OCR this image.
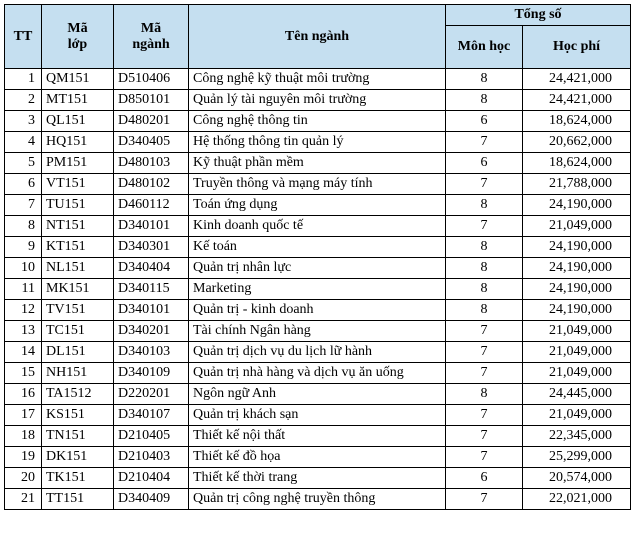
TT	Mã lớp	Mã ngành	Tên ngành	Tổng số	
				Môn học	Học phí
1	QM151	D510406	Công nghệ kỹ thuật môi trường	8	24,421,000
2	MT151	D850101	Quản lý tài nguyên môi trường	8	24,421,000
3	QL151	D480201	Công nghệ thông tin	6	18,624,000
4	HQ151	D340405	Hệ thống thông tin quản lý	7	20,662,000
5	PM151	D480103	Kỹ thuật phần mềm	6	18,624,000
6	VT151	D480102	Truyền thông và mạng máy tính	7	21,788,000
7	TU151	D460112	Toán ứng dụng	8	24,190,000
8	NT151	D340101	Kinh doanh quốc tế	7	21,049,000
9	KT151	D340301	Kế toán	8	24,190,000
10	NL151	D340404	Quản trị nhân lực	8	24,190,000
11	MK151	D340115	Marketing	8	24,190,000
12	TV151	D340101	Quản trị - kinh doanh	8	24,190,000
13	TC151	D340201	Tài chính Ngân hàng	7	21,049,000
14	DL151	D340103	Quản trị dịch vụ du lịch lữ hành	7	21,049,000
15	NH151	D340109	Quản trị nhà hàng và dịch vụ ăn uống	7	21,049,000
16	TA1512	D220201	Ngôn ngữ Anh	8	24,445,000
17	KS151	D340107	Quản trị khách sạn	7	21,049,000
18	TN151	D210405	Thiết kế nội thất	7	22,345,000
19	DK151	D210403	Thiết kế đồ họa	7	25,299,000
20	TK151	D210404	Thiết kế thời trang	6	20,574,000
21	TT151	D340409	Quản trị công nghệ truyền thông	7	22,021,000
